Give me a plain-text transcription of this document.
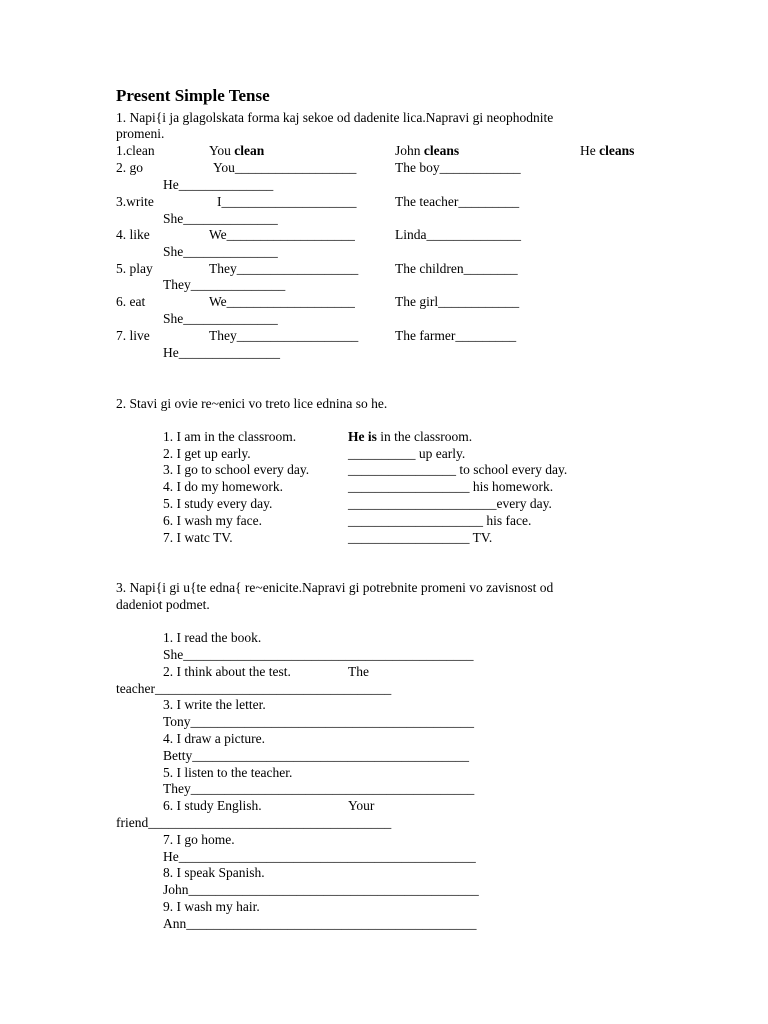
Present Simple Tense
1. Napi{i ja glagolskata forma kaj sekoe od dadenite lica.Napravi gi neophodnite
promeni.
1.clean	You clean	John cleans	He cleans
2. go	You__________________	The boy____________
He______________
3.write	I____________________	The teacher_________
She______________
4. like	We___________________	Linda______________
She______________
5. play	They__________________	The children________
They______________
6. eat	We___________________	The girl____________
She______________
7. live	They__________________	The farmer_________
He_______________
2. Stavi gi ovie re~enici vo treto lice ednina so he.
1. I am in the classroom.	He is in the classroom.
2. I get up early.	__________ up early.
3. I go to school every day.	________________ to school every day.
4. I do my homework.	__________________ his homework.
5. I study every day.	______________________every day.
6. I wash my face.	____________________ his face.
7. I watc TV.	__________________ TV.
3. Napi{i gi u{te edna{ re~enicite.Napravi gi potrebnite promeni vo zavisnost od
dadeniot podmet.
1. I read the book.
She___________________________________________
2. I think about the test.	The
teacher___________________________________
3. I write the letter.
Tony__________________________________________
4. I draw a picture.
Betty_________________________________________
5. I listen to the teacher.
They__________________________________________
6. I study English.	Your
friend____________________________________
7. I go home.
He____________________________________________
8. I speak Spanish.
John___________________________________________
9. I wash my hair.
Ann___________________________________________
